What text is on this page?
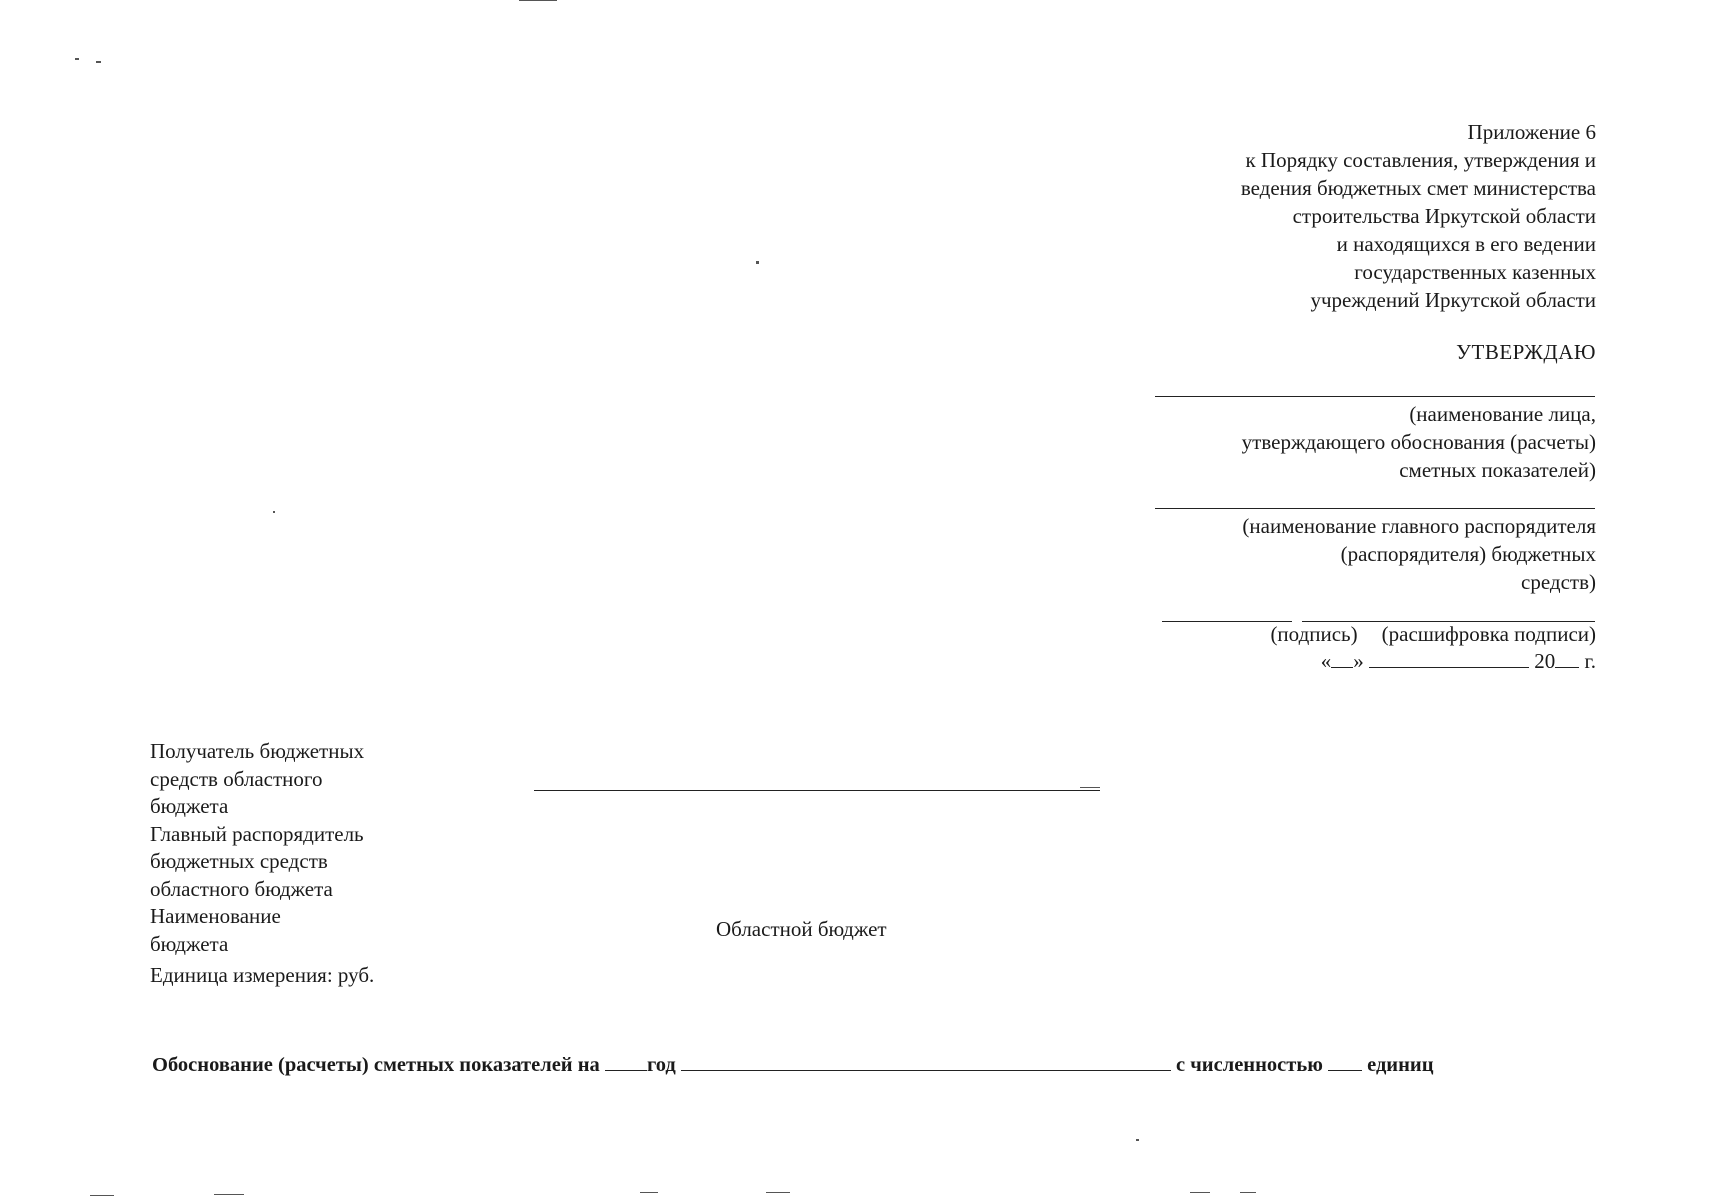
Приложение 6
к Порядку составления, утверждения и
ведения бюджетных смет министерства
строительства Иркутской области
и находящихся в его ведении
государственных казенных
учреждений Иркутской области
УТВЕРЖДАЮ
(наименование лица,
утверждающего обоснования (расчеты)
сметных показателей)
(наименование главного распорядителя
(распорядителя) бюджетных
средств)
(подпись) (расшифровка подписи)
« »	20 г.
Получатель бюджетных
средств областного
бюджета
Главный распорядитель
бюджетных средств
областного бюджета
Наименование
бюджета
Единица измерения: руб.
Областной бюджет
Обоснование (расчеты) сметных показателей на год	с численностью единиц
